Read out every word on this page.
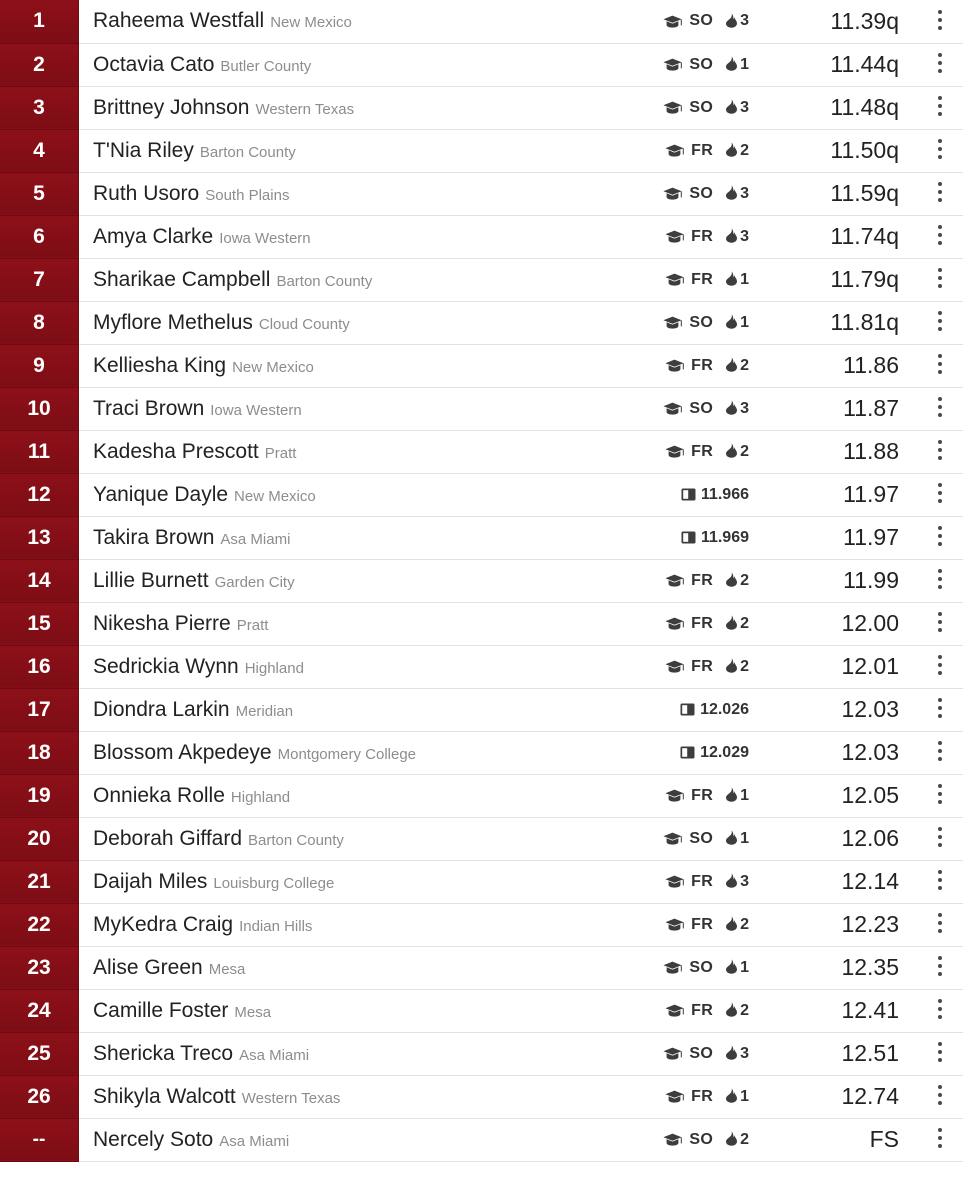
1	Raheema Westfall New Mexico	SO 3	11.39q	

2	Octavia Cato Butler County	SO 1	11.44q	

3	Brittney Johnson Western Texas	SO 3	11.48q	

4	T'Nia Riley Barton County	FR 2	11.50q	

5	Ruth Usoro South Plains	SO 3	11.59q	

6	Amya Clarke Iowa Western	FR 3	11.74q	

7	Sharikae Campbell Barton County	FR 1	11.79q	

8	Myflore Methelus Cloud County	SO 1	11.81q	

9	Kelliesha King New Mexico	FR 2	11.86	

10	Traci Brown Iowa Western	SO 3	11.87	

11	Kadesha Prescott Pratt	FR 2	11.88	

12	Yanique Dayle New Mexico	11.966	11.97	

13	Takira Brown Asa Miami	11.969	11.97	

14	Lillie Burnett Garden City	FR 2	11.99	

15	Nikesha Pierre Pratt	FR 2	12.00	

16	Sedrickia Wynn Highland	FR 2	12.01	

17	Diondra Larkin Meridian	12.026	12.03	

18	Blossom Akpedeye Montgomery College	12.029	12.03	

19	Onnieka Rolle Highland	FR 1	12.05	

20	Deborah Giffard Barton County	SO 1	12.06	

21	Daijah Miles Louisburg College	FR 3	12.14	

22	MyKedra Craig Indian Hills	FR 2	12.23	

23	Alise Green Mesa	SO 1	12.35	

24	Camille Foster Mesa	FR 2	12.41	

25	Shericka Treco Asa Miami	SO 3	12.51	

26	Shikyla Walcott Western Texas	FR 1	12.74	

--	Nercely Soto Asa Miami	SO 2	FS	
